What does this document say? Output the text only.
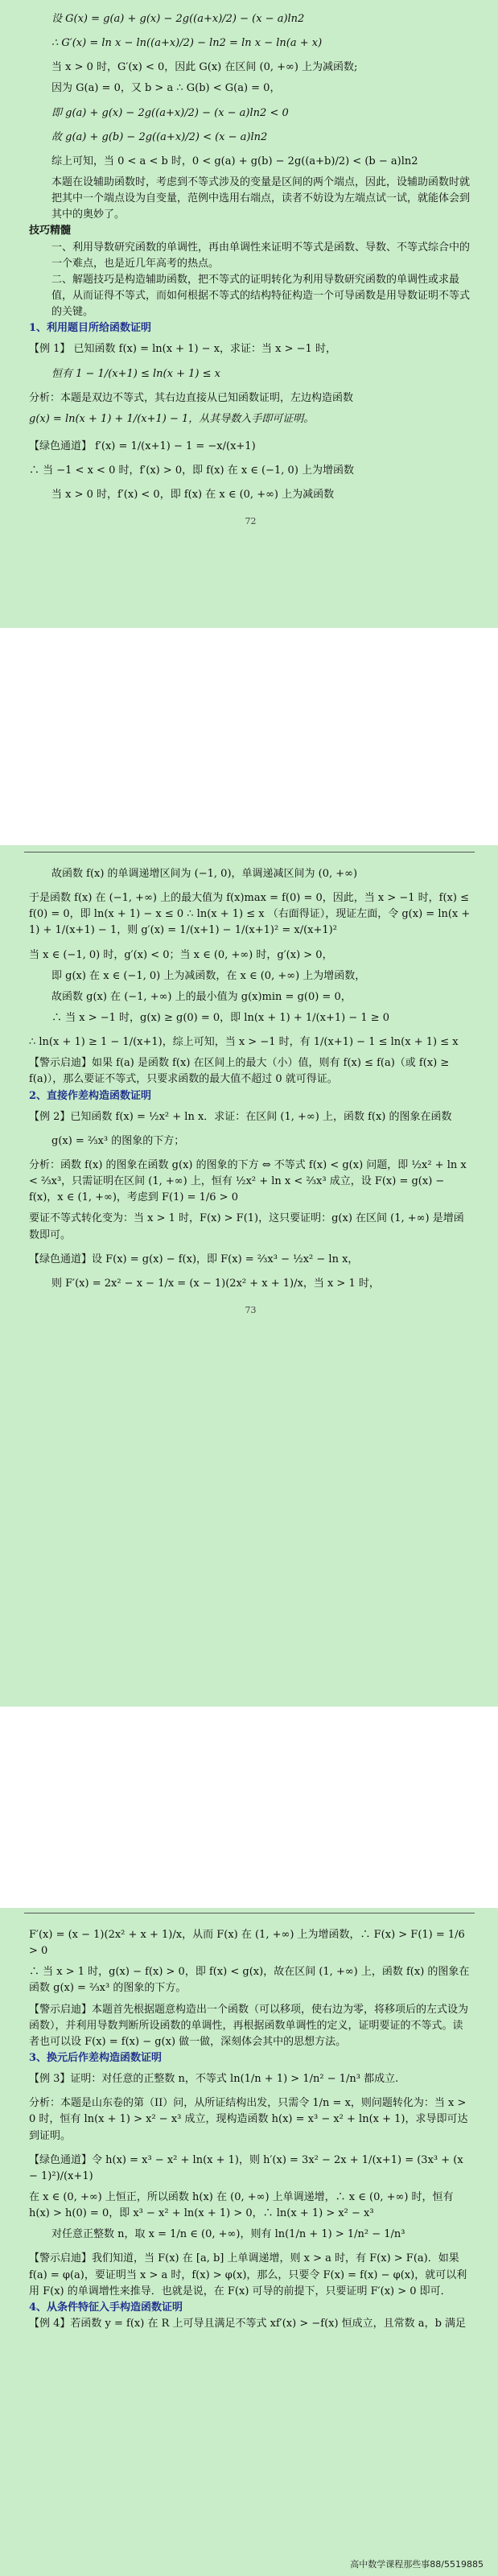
设 G(x) = g(a) + g(x) − 2g((a+x)/2) − (x − a)ln2

∴ G′(x) = ln x − ln((a+x)/2) − ln2 = ln x − ln(a + x)

当 x > 0 时，G′(x) < 0，因此 G(x) 在区间 (0, +∞) 上为减函数;

因为 G(a) = 0，又 b > a ∴ G(b) < G(a) = 0，

即 g(a) + g(x) − 2g((a+x)/2) − (x − a)ln2 < 0

故 g(a) + g(b) − 2g((a+x)/2) < (x − a)ln2

综上可知，当 0 < a < b 时，0 < g(a) + g(b) − 2g((a+b)/2) < (b − a)ln2

本题在设辅助函数时，考虑到不等式涉及的变量是区间的两个端点，因此，设辅助函数时就把其中一个端点设为自变量，范例中选用右端点，读者不妨设为左端点试一试，就能体会到其中的奥妙了。

技巧精髓

一、利用导数研究函数的单调性，再由单调性来证明不等式是函数、导数、不等式综合中的一个难点，也是近几年高考的热点。

二、解题技巧是构造辅助函数，把不等式的证明转化为利用导数研究函数的单调性或求最值，从而证得不等式，而如何根据不等式的结构特征构造一个可导函数是用导数证明不等式的关键。

1、利用题目所给函数证明

【例 1】 已知函数 f(x) = ln(x + 1) − x，求证：当 x > −1 时，

恒有 1 − 1/(x+1) ≤ ln(x + 1) ≤ x

分析：本题是双边不等式，其右边直接从已知函数证明，左边构造函数

g(x) = ln(x + 1) + 1/(x+1) − 1，从其导数入手即可证明。

【绿色通道】 f′(x) = 1/(x+1) − 1 = −x/(x+1)

∴ 当 −1 < x < 0 时，f′(x) > 0，即 f(x) 在 x ∈ (−1, 0) 上为增函数

当 x > 0 时，f′(x) < 0，即 f(x) 在 x ∈ (0, +∞) 上为减函数

72

故函数 f(x) 的单调递增区间为 (−1, 0)，单调递减区间为 (0, +∞)

于是函数 f(x) 在 (−1, +∞) 上的最大值为 f(x)max = f(0) = 0，因此，当 x > −1 时，f(x) ≤ f(0) = 0，即 ln(x + 1) − x ≤ 0 ∴ ln(x + 1) ≤ x （右面得证），现证左面，令 g(x) = ln(x + 1) + 1/(x+1) − 1，则 g′(x) = 1/(x+1) − 1/(x+1)² = x/(x+1)²

当 x ∈ (−1, 0) 时，g′(x) < 0；当 x ∈ (0, +∞) 时，g′(x) > 0，

即 g(x) 在 x ∈ (−1, 0) 上为减函数，在 x ∈ (0, +∞) 上为增函数，

故函数 g(x) 在 (−1, +∞) 上的最小值为 g(x)min = g(0) = 0，

∴ 当 x > −1 时，g(x) ≥ g(0) = 0，即 ln(x + 1) + 1/(x+1) − 1 ≥ 0

∴ ln(x + 1) ≥ 1 − 1/(x+1)，综上可知，当 x > −1 时，有 1/(x+1) − 1 ≤ ln(x + 1) ≤ x

【警示启迪】如果 f(a) 是函数 f(x) 在区间上的最大（小）值，则有 f(x) ≤ f(a)（或 f(x) ≥ f(a)），那么要证不等式，只要求函数的最大值不超过 0 就可得证。

2、直接作差构造函数证明

【例 2】已知函数 f(x) = ½x² + ln x．求证：在区间 (1, +∞) 上，函数 f(x) 的图象在函数

g(x) = ⅔x³ 的图象的下方；

分析：函数 f(x) 的图象在函数 g(x) 的图象的下方 ⇔ 不等式 f(x) < g(x) 问题，即 ½x² + ln x < ⅔x³，只需证明在区间 (1, +∞) 上，恒有 ½x² + ln x < ⅔x³ 成立，设 F(x) = g(x) − f(x)，x ∈ (1, +∞)，考虑到 F(1) = 1/6 > 0

要证不等式转化变为：当 x > 1 时，F(x) > F(1)，这只要证明：g(x) 在区间 (1, +∞) 是增函数即可。

【绿色通道】设 F(x) = g(x) − f(x)，即 F(x) = ⅔x³ − ½x² − ln x，

则 F′(x) = 2x² − x − 1/x = (x − 1)(2x² + x + 1)/x，当 x > 1 时，

73

F′(x) = (x − 1)(2x² + x + 1)/x，从而 F(x) 在 (1, +∞) 上为增函数，∴ F(x) > F(1) = 1/6 > 0

∴ 当 x > 1 时，g(x) − f(x) > 0，即 f(x) < g(x)，故在区间 (1, +∞) 上，函数 f(x) 的图象在函数 g(x) = ⅔x³ 的图象的下方。

【警示启迪】本题首先根据题意构造出一个函数（可以移项，使右边为零，将移项后的左式设为函数），并利用导数判断所设函数的单调性，再根据函数单调性的定义，证明要证的不等式。读者也可以设 F(x) = f(x) − g(x) 做一做，深刻体会其中的思想方法。

3、换元后作差构造函数证明

【例 3】证明：对任意的正整数 n，不等式 ln(1/n + 1) > 1/n² − 1/n³ 都成立.

分析：本题是山东卷的第（II）问，从所证结构出发，只需令 1/n = x，则问题转化为：当 x > 0 时，恒有 ln(x + 1) > x² − x³ 成立，现构造函数 h(x) = x³ − x² + ln(x + 1)，求导即可达到证明。

【绿色通道】令 h(x) = x³ − x² + ln(x + 1)，则 h′(x) = 3x² − 2x + 1/(x+1) = (3x³ + (x − 1)²)/(x+1)

在 x ∈ (0, +∞) 上恒正，所以函数 h(x) 在 (0, +∞) 上单调递增，∴ x ∈ (0, +∞) 时，恒有 h(x) > h(0) = 0，即 x³ − x² + ln(x + 1) > 0，∴ ln(x + 1) > x² − x³

对任意正整数 n，取 x = 1/n ∈ (0, +∞)，则有 ln(1/n + 1) > 1/n² − 1/n³

【警示启迪】我们知道，当 F(x) 在 [a, b] 上单调递增，则 x > a 时，有 F(x) > F(a)．如果 f(a) = φ(a)，要证明当 x > a 时，f(x) > φ(x)，那么，只要令 F(x) = f(x) − φ(x)，就可以利用 F(x) 的单调增性来推导．也就是说，在 F(x) 可导的前提下，只要证明 F′(x) > 0 即可．

4、从条件特征入手构造函数证明

【例 4】若函数 y = f(x) 在 R 上可导且满足不等式 xf′(x) > −f(x) 恒成立，且常数 a，b 满足

高中数学课程那些事88/5519885
